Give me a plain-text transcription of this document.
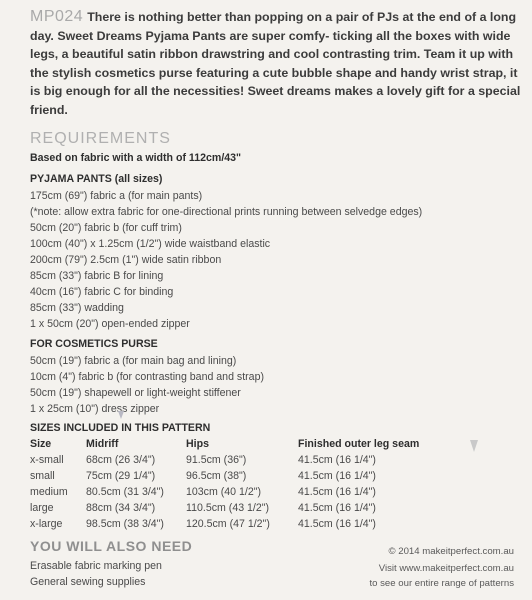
MP024 There is nothing better than popping on a pair of PJs at the end of a long day. Sweet Dreams Pyjama Pants are super comfy- ticking all the boxes with wide legs, a beautiful satin ribbon drawstring and cool contrasting trim. Team it up with the stylish cosmetics purse featuring a cute bubble shape and handy wrist strap, it is big enough for all the necessities! Sweet dreams makes a lovely gift for a special friend.
REQUIREMENTS
Based on fabric with a width of 112cm/43"
PYJAMA PANTS (all sizes)
175cm (69") fabric a (for main pants)
(*note: allow extra fabric for one-directional prints running between selvedge edges)
50cm (20") fabric b (for cuff trim)
100cm (40") x 1.25cm (1/2") wide waistband elastic
200cm (79") 2.5cm (1") wide satin ribbon
85cm (33") fabric B for lining
40cm (16") fabric C for binding
85cm (33") wadding
1 x 50cm (20") open-ended zipper
FOR COSMETICS PURSE
50cm (19") fabric a (for main bag and lining)
10cm (4") fabric b (for contrasting band and strap)
50cm (19") shapewell or light-weight stiffener
1 x 25cm (10") dress zipper
SIZES INCLUDED IN THIS PATTERN
Size	Midriff	Hips	Finished outer leg seam
x-small 68cm (26 3/4")	91.5cm (36")	41.5cm (16 1/4")
small	75cm (29 1/4")	96.5cm (38")	41.5cm (16 1/4")
medium 80.5cm (31 3/4") 103cm (40 1/2")	41.5cm (16 1/4")
large	88cm (34 3/4")	110.5cm (43 1/2")	41.5cm (16 1/4")
x-large 98.5cm (38 3/4") 120.5cm (47 1/2")	41.5cm (16 1/4")
YOU WILL ALSO NEED
Erasable fabric marking pen
General sewing supplies
© 2014 makeitperfect.com.au
Visit www.makeitperfect.com.au
to see our entire range of patterns
